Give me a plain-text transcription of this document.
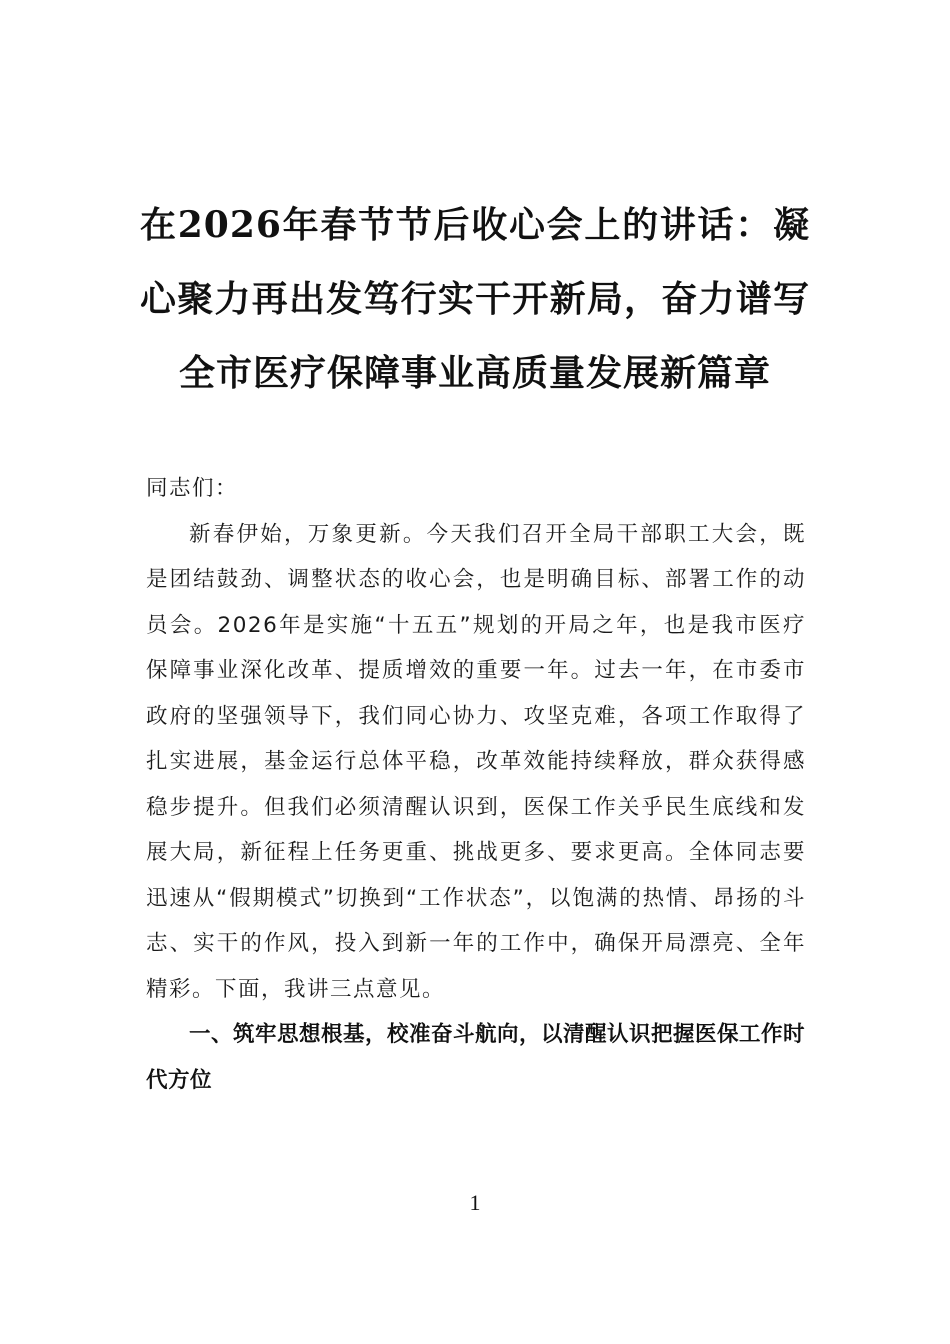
在2026年春节节后收心会上的讲话：凝心聚力再出发笃行实干开新局，奋力谱写全市医疗保障事业高质量发展新篇章

同志们：

新春伊始，万象更新。今天我们召开全局干部职工大会，既是团结鼓劲、调整状态的收心会，也是明确目标、部署工作的动员会。2026年是实施“十五五”规划的开局之年，也是我市医疗保障事业深化改革、提质增效的重要一年。过去一年，在市委市政府的坚强领导下，我们同心协力、攻坚克难，各项工作取得了扎实进展，基金运行总体平稳，改革效能持续释放，群众获得感稳步提升。但我们必须清醒认识到，医保工作关乎民生底线和发展大局，新征程上任务更重、挑战更多、要求更高。全体同志要迅速从“假期模式”切换到“工作状态”，以饱满的热情、昂扬的斗志、实干的作风，投入到新一年的工作中，确保开局漂亮、全年精彩。下面，我讲三点意见。

一、筑牢思想根基，校准奋斗航向，以清醒认识把握医保工作时代方位

1
